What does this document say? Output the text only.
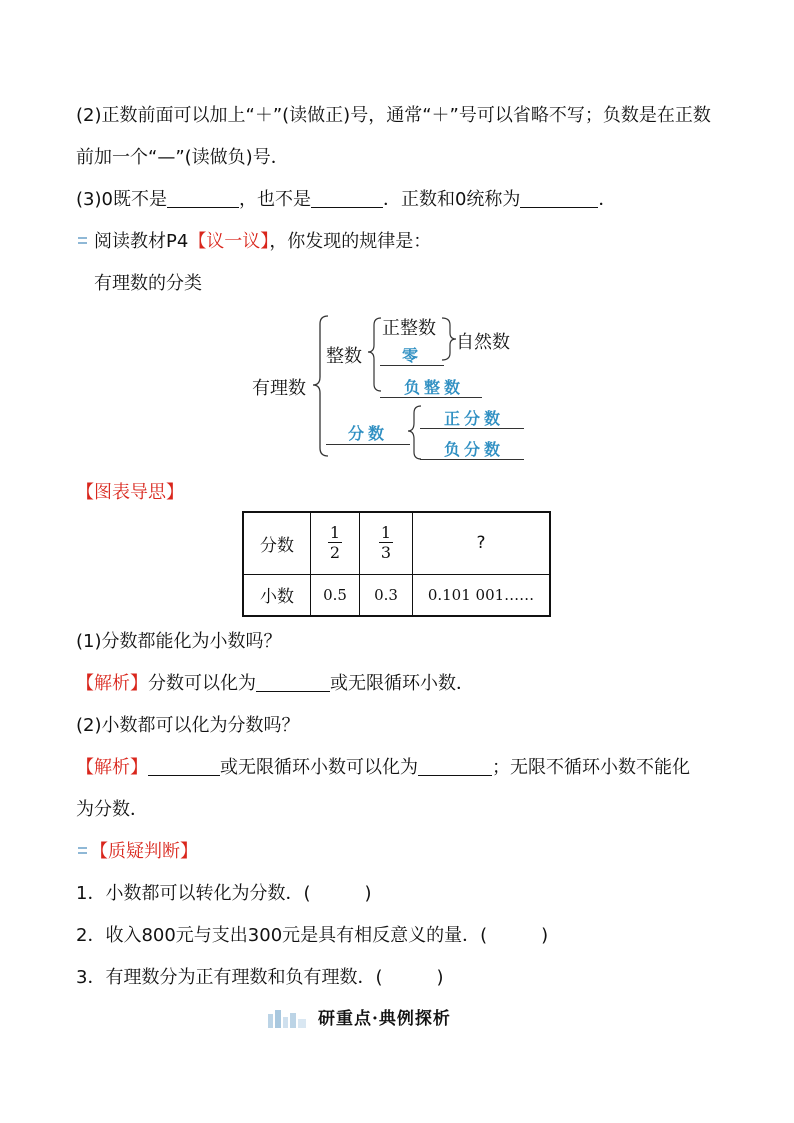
(2)正数前面可以加上“＋”(读做正)号，通常“＋”号可以省略不写；负数是在正数
前加一个“—”(读做负)号．
(3)0既不是	，也不是	．正数和0统称为	．
阅读教材P4【议一议】，你发现的规律是：
有理数的分类
有理数
整数
正整数
零
自然数
负整数
分数
正分数
负分数
【图表导思】
分数	$\frac{1}{2}$	$\frac{1}{3}$	?
小数	0.5	0.3	0.101 001……
(1)分数都能化为小数吗？
【解析】分数可以化为	或无限循环小数．
(2)小数都可以化为分数吗？
【解析】	或无限循环小数可以化为	；无限不循环小数不能化
为分数．
【质疑判断】
1．小数都可以转化为分数．(　　　)
2．收入800元与支出300元是具有相反意义的量．(　　　)
3．有理数分为正有理数和负有理数．(　　　)
研重点·典例探析
